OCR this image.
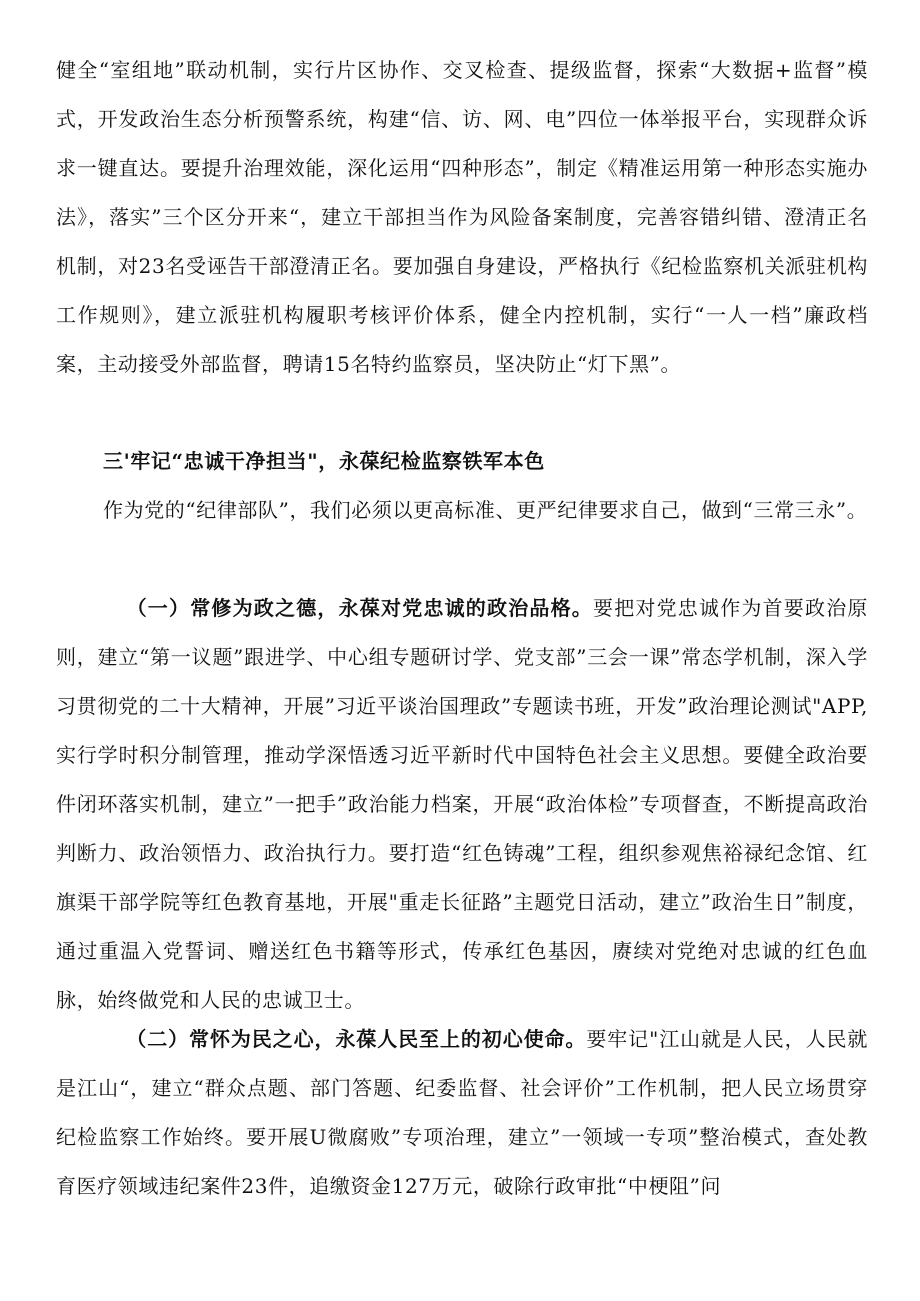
健全“室组地”联动机制，实行片区协作、交叉检查、提级监督，探索“大数据+监督”模式，开发政治生态分析预警系统，构建“信、访、网、电”四位一体举报平台，实现群众诉求一键直达。要提升治理效能，深化运用“四种形态”，制定《精准运用第一种形态实施办法》，落实”三个区分开来“，建立干部担当作为风险备案制度，完善容错纠错、澄清正名机制，对23名受诬告干部澄清正名。要加强自身建设，严格执行《纪检监察机关派驻机构工作规则》，建立派驻机构履职考核评价体系，健全内控机制，实行“一人一档”廉政档案，主动接受外部监督，聘请15名特约监察员，坚决防止“灯下黑”。

三'牢记“忠诚干净担当"，永葆纪检监察铁军本色

作为党的“纪律部队”，我们必须以更高标准、更严纪律要求自己，做到“三常三永”。

（一）常修为政之德，永葆对党忠诚的政治品格。要把对党忠诚作为首要政治原则，建立“第一议题”跟进学、中心组专题研讨学、党支部”三会一课”常态学机制，深入学习贯彻党的二十大精神，开展”习近平谈治国理政”专题读书班，开发”政治理论测试"APP,实行学时积分制管理，推动学深悟透习近平新时代中国特色社会主义思想。要健全政治要件闭环落实机制，建立”一把手”政治能力档案，开展“政治体检”专项督查，不断提高政治判断力、政治领悟力、政治执行力。要打造“红色铸魂”工程，组织参观焦裕禄纪念馆、红旗渠干部学院等红色教育基地，开展"重走长征路”主题党日活动，建立”政治生日”制度，通过重温入党誓词、赠送红色书籍等形式，传承红色基因，赓续对党绝对忠诚的红色血脉，始终做党和人民的忠诚卫士。

（二）常怀为民之心，永葆人民至上的初心使命。要牢记"江山就是人民，人民就是江山“，建立“群众点题、部门答题、纪委监督、社会评价”工作机制，把人民立场贯穿纪检监察工作始终。要开展U微腐败”专项治理，建立”一领域一专项”整治模式，查处教育医疗领域违纪案件23件，追缴资金127万元，破除行政审批“中梗阻”问
